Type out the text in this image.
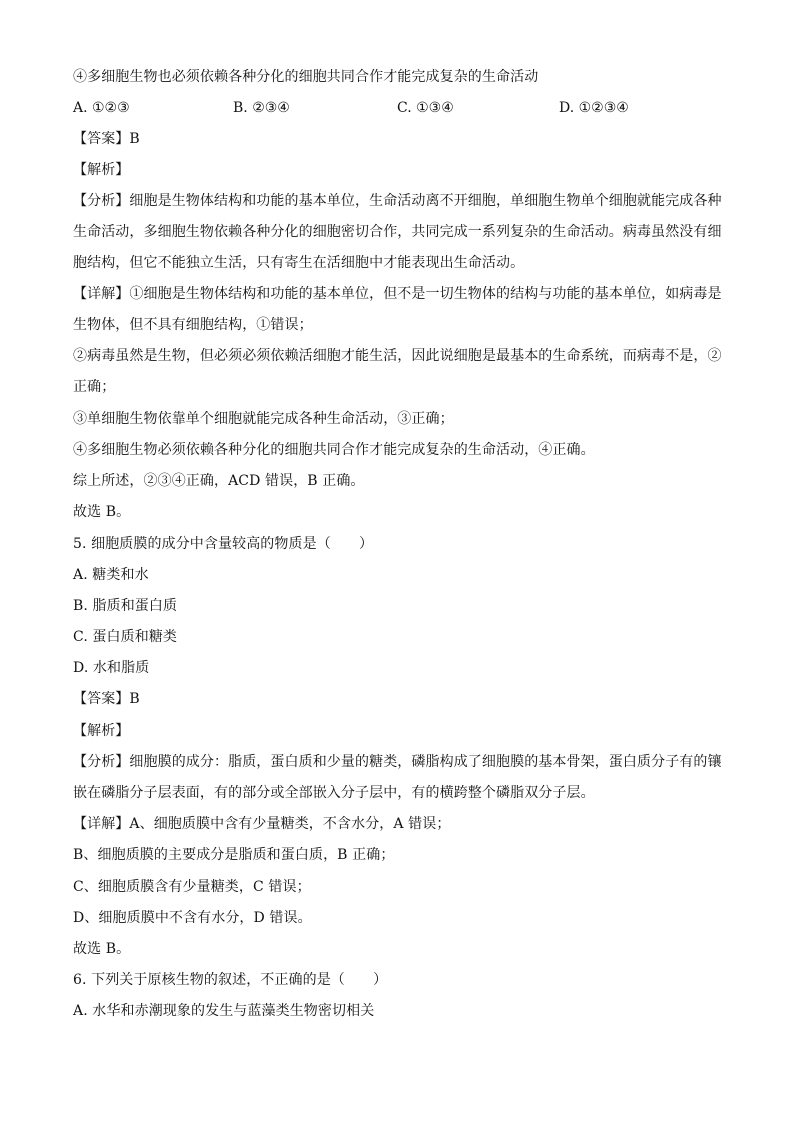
④多细胞生物也必须依赖各种分化的细胞共同合作才能完成复杂的生命活动
A. ①②③	B. ②③④	C. ①③④	D. ①②③④
【答案】B
【解析】
【分析】细胞是生物体结构和功能的基本单位，生命活动离不开细胞，单细胞生物单个细胞就能完成各种
生命活动，多细胞生物依赖各种分化的细胞密切合作，共同完成一系列复杂的生命活动。病毒虽然没有细
胞结构，但它不能独立生活，只有寄生在活细胞中才能表现出生命活动。
【详解】①细胞是生物体结构和功能的基本单位，但不是一切生物体的结构与功能的基本单位，如病毒是
生物体，但不具有细胞结构，①错误；
②病毒虽然是生物，但必须必须依赖活细胞才能生活，因此说细胞是最基本的生命系统，而病毒不是，②
正确；
③单细胞生物依靠单个细胞就能完成各种生命活动，③正确；
④多细胞生物必须依赖各种分化的细胞共同合作才能完成复杂的生命活动，④正确。
综上所述，②③④正确，ACD 错误，B 正确。
故选 B。
5. 细胞质膜的成分中含量较高的物质是（　　）
A. 糖类和水
B. 脂质和蛋白质
C. 蛋白质和糖类
D. 水和脂质
【答案】B
【解析】
【分析】细胞膜的成分：脂质，蛋白质和少量的糖类，磷脂构成了细胞膜的基本骨架，蛋白质分子有的镶
嵌在磷脂分子层表面，有的部分或全部嵌入分子层中，有的横跨整个磷脂双分子层。
【详解】A、细胞质膜中含有少量糖类，不含水分，A 错误；
B、细胞质膜的主要成分是脂质和蛋白质，B 正确；
C、细胞质膜含有少量糖类，C 错误；
D、细胞质膜中不含有水分，D 错误。
故选 B。
6. 下列关于原核生物的叙述，不正确的是（　　）
A. 水华和赤潮现象的发生与蓝藻类生物密切相关
